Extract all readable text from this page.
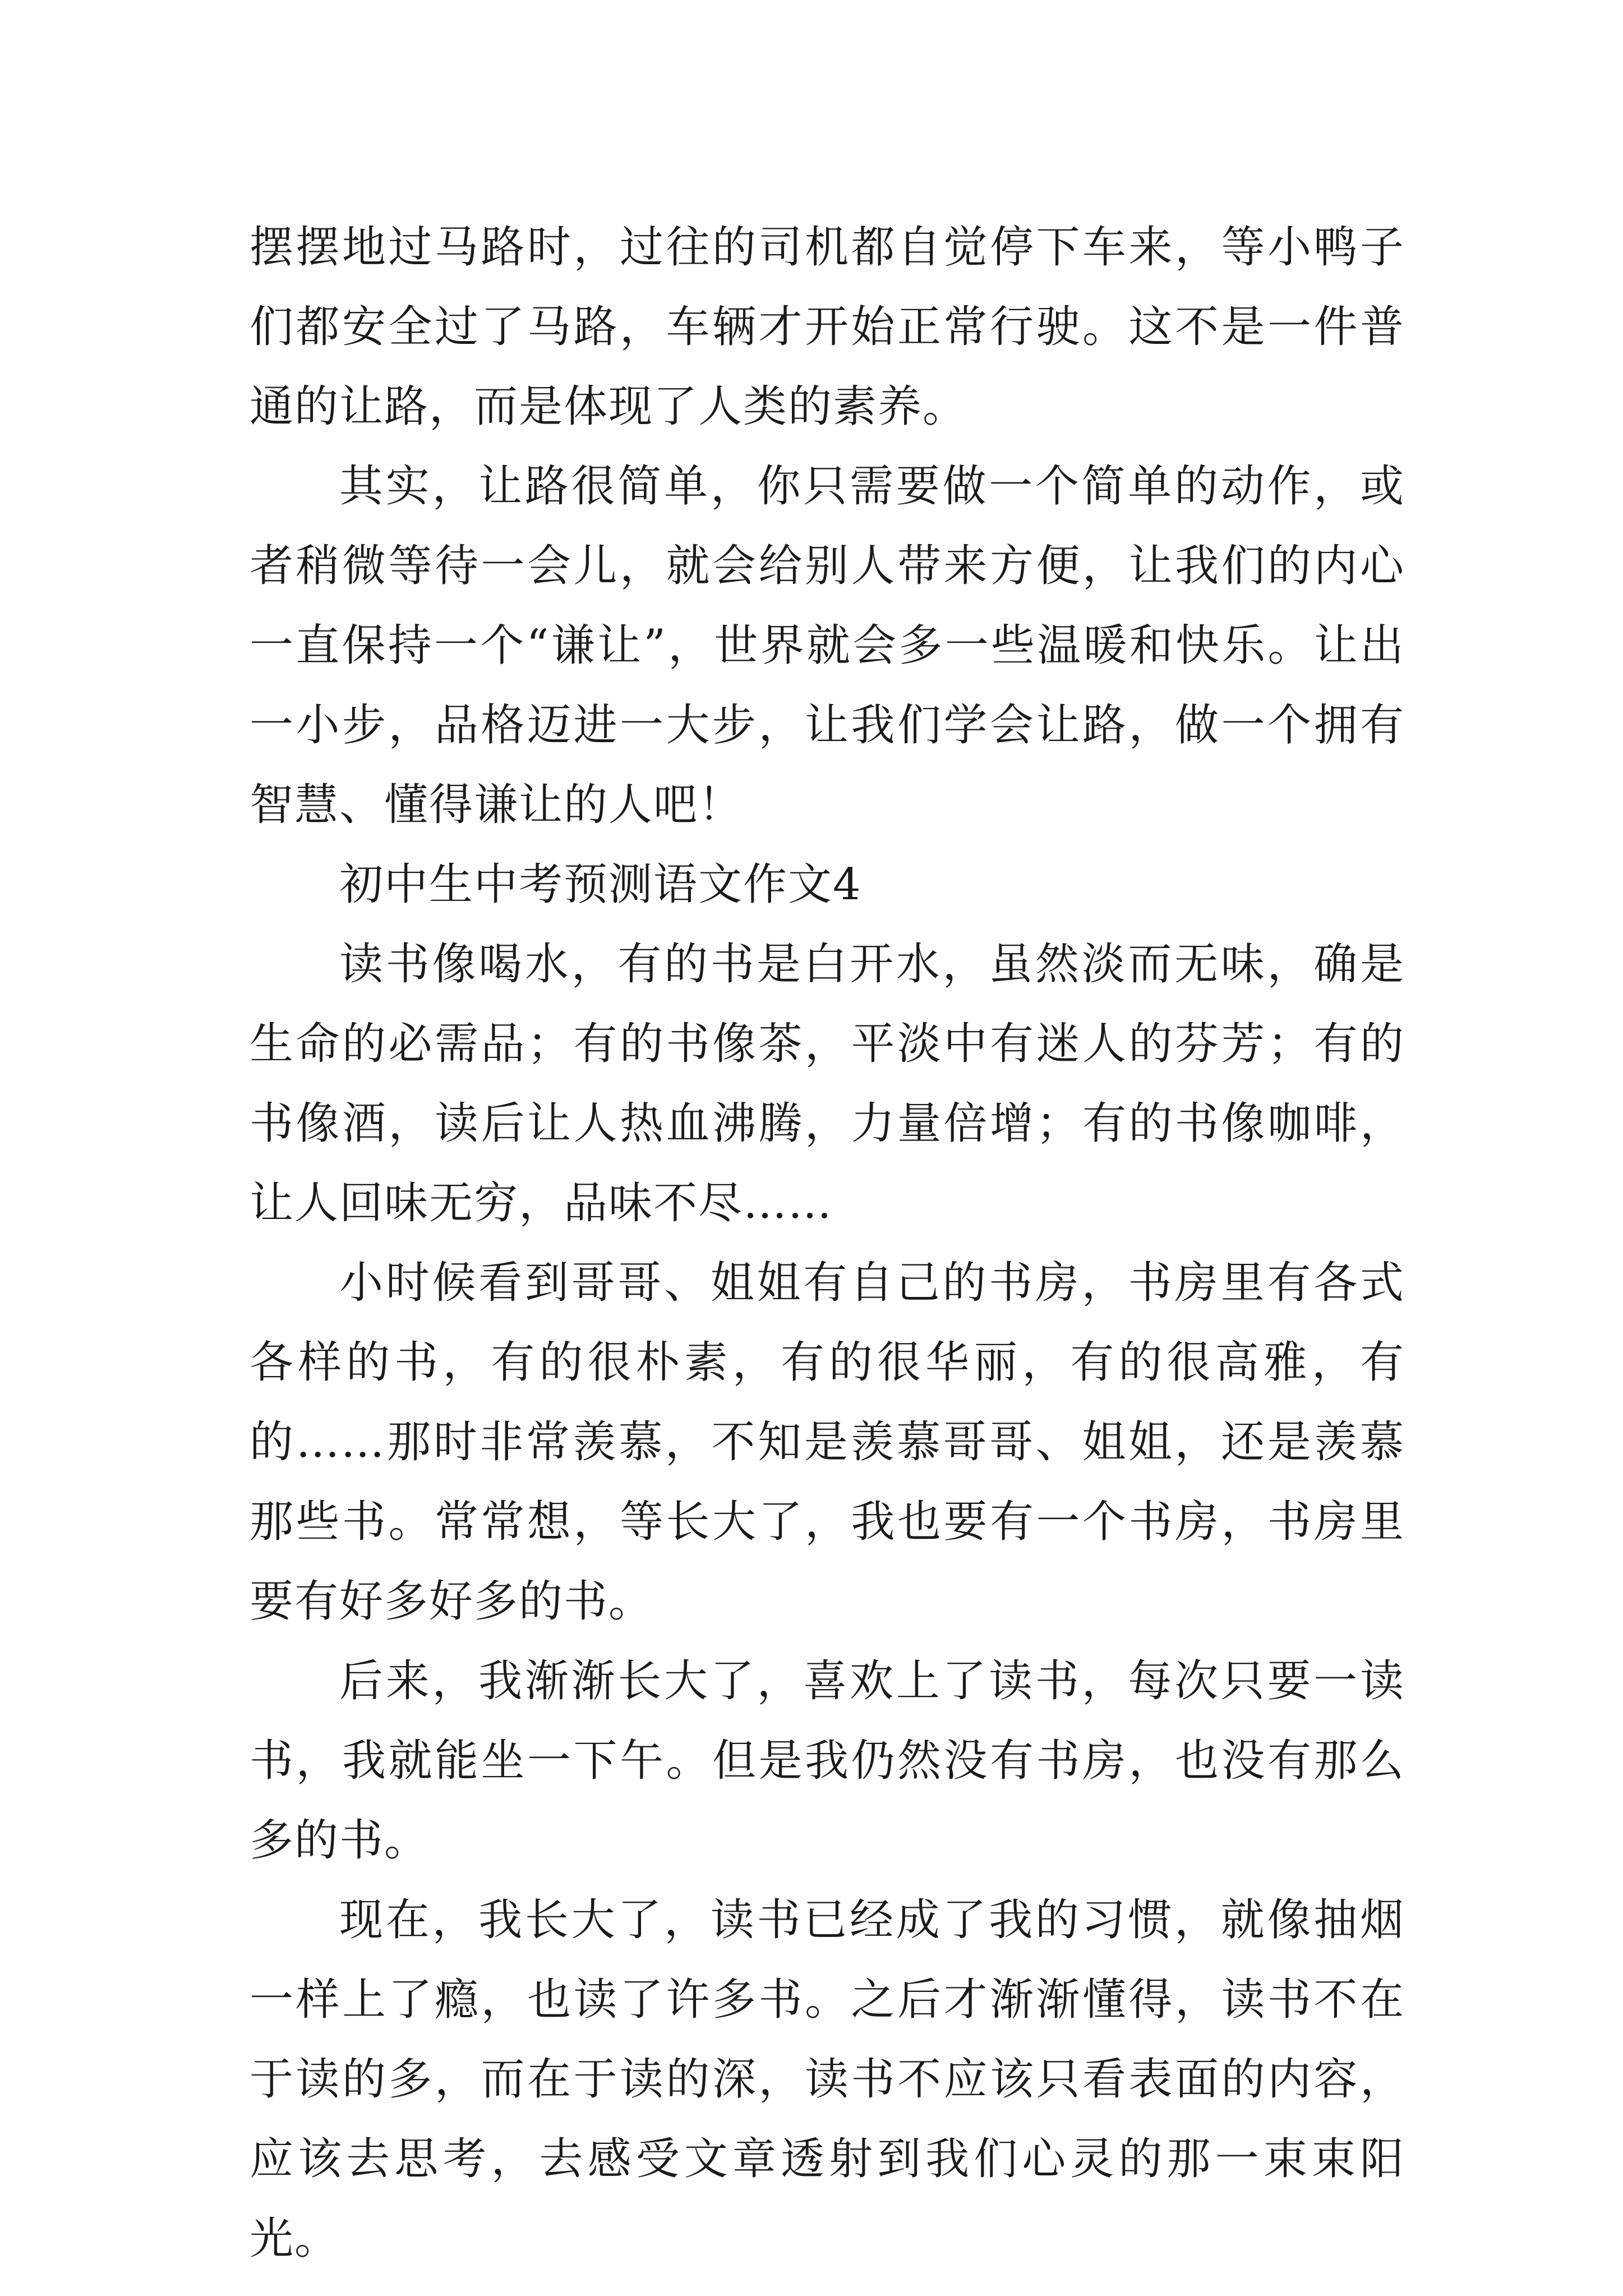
摆摆地过马路时，过往的司机都自觉停下车来，等小鸭子们都安全过了马路，车辆才开始正常行驶。这不是一件普通的让路，而是体现了人类的素养。

其实，让路很简单，你只需要做一个简单的动作，或者稍微等待一会儿，就会给别人带来方便，让我们的内心一直保持一个“谦让”，世界就会多一些温暖和快乐。让出一小步，品格迈进一大步，让我们学会让路，做一个拥有智慧、懂得谦让的人吧！

初中生中考预测语文作文4

读书像喝水，有的书是白开水，虽然淡而无味，确是生命的必需品；有的书像茶，平淡中有迷人的芬芳；有的书像酒，读后让人热血沸腾，力量倍增；有的书像咖啡，让人回味无穷，品味不尽……

小时候看到哥哥、姐姐有自己的书房，书房里有各式各样的书，有的很朴素，有的很华丽，有的很高雅，有的……那时非常羡慕，不知是羡慕哥哥、姐姐，还是羡慕那些书。常常想，等长大了，我也要有一个书房，书房里要有好多好多的书。

后来，我渐渐长大了，喜欢上了读书，每次只要一读书，我就能坐一下午。但是我仍然没有书房，也没有那么多的书。

现在，我长大了，读书已经成了我的习惯，就像抽烟一样上了瘾，也读了许多书。之后才渐渐懂得，读书不在于读的多，而在于读的深，读书不应该只看表面的内容，应该去思考，去感受文章透射到我们心灵的那一束束阳光。
